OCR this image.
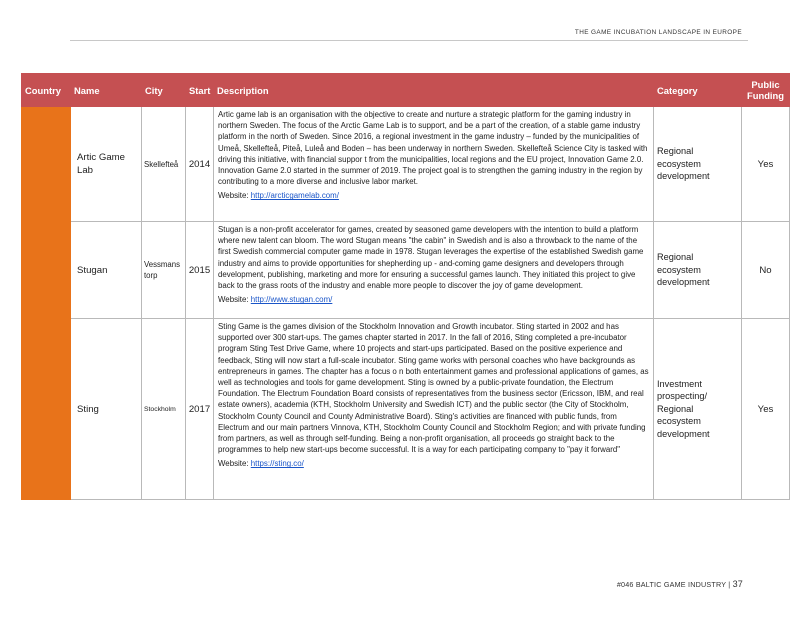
THE GAME INCUBATION LANDSCAPE IN EUROPE
Country	Name	City	Start	Description	Category	Public Funding
	Artic Game Lab	Skellefteå	2014	Artic game lab is an organisation with the objective to create and nurture a strategic platform for the gaming industry in northern Sweden. The focus of the Arctic Game Lab is to support, and be a part of the creation, of a stable game industry platform in the north of Sweden. Since 2016, a regional investment in the game industry – funded by the municipalities of Umeå, Skellefteå, Piteå, Luleå and Boden – has been underway in northern Sweden. Skellefteå Science City is tasked with driving this initiative, with financial suppor t from the municipalities, local regions and the EU project, Innovation Game 2.0. Innovation Game 2.0 started in the summer of 2019. The project goal is to strengthen the gaming industry in the region by contributing to a more diverse and inclusive labor market.

Website: http://arcticgamelab.com/	Regional ecosystem development	Yes
	Stugan	Vessmanstorp	2015	Stugan is a non-profit accelerator for games, created by seasoned game developers with the intention to build a platform where new talent can bloom. The word Stugan means "the cabin" in Swedish and is also a throwback to the name of the first Swedish commercial computer game made in 1978. Stugan leverages the expertise of the established Swedish game industry and aims to provide opportunities for shepherding up - and-coming game designers and developers through development, publishing, marketing and more for ensuring a successful games launch. They initiated this project to give back to the grass roots of the industry and enable more people to discover the joy of game development.

Website: http://www.stugan.com/	Regional ecosystem development	No
	Sting	Stockholm	2017	Sting Game is the games division of the Stockholm Innovation and Growth incubator. Sting started in 2002 and has supported over 300 start-ups. The games chapter started in 2017. In the fall of 2016, Sting completed a pre-incubator program Sting Test Drive Game, where 10 projects and start-ups participated. Based on the positive experience and feedback, Sting will now start a full-scale incubator. Sting game works with personal coaches who have backgrounds as entrepreneurs in games. The chapter has a focus o n both entertainment games and professional applications of games, as well as technologies and tools for game development. Sting is owned by a public-private foundation, the Electrum Foundation. The Electrum Foundation Board consists of representatives from the business sector (Ericsson, IBM, and real estate owners), academia (KTH, Stockholm University and Swedish ICT) and the public sector (the City of Stockholm, Stockholm County Council and County Administrative Board). Sting's activities are financed with public funds, from Electrum and our main partners Vinnova, KTH, Stockholm County Council and Stockholm Region; and with private funding from partners, as well as through self-funding. Being a non-profit organisation, all proceeds go straight back to the programmes to help new start-ups become successful. It is a way for each participating company to "pay it forward"

Website: https://sting.co/	Investment prospecting/ Regional ecosystem development	Yes
#046 BALTIC GAME INDUSTRY | 37
